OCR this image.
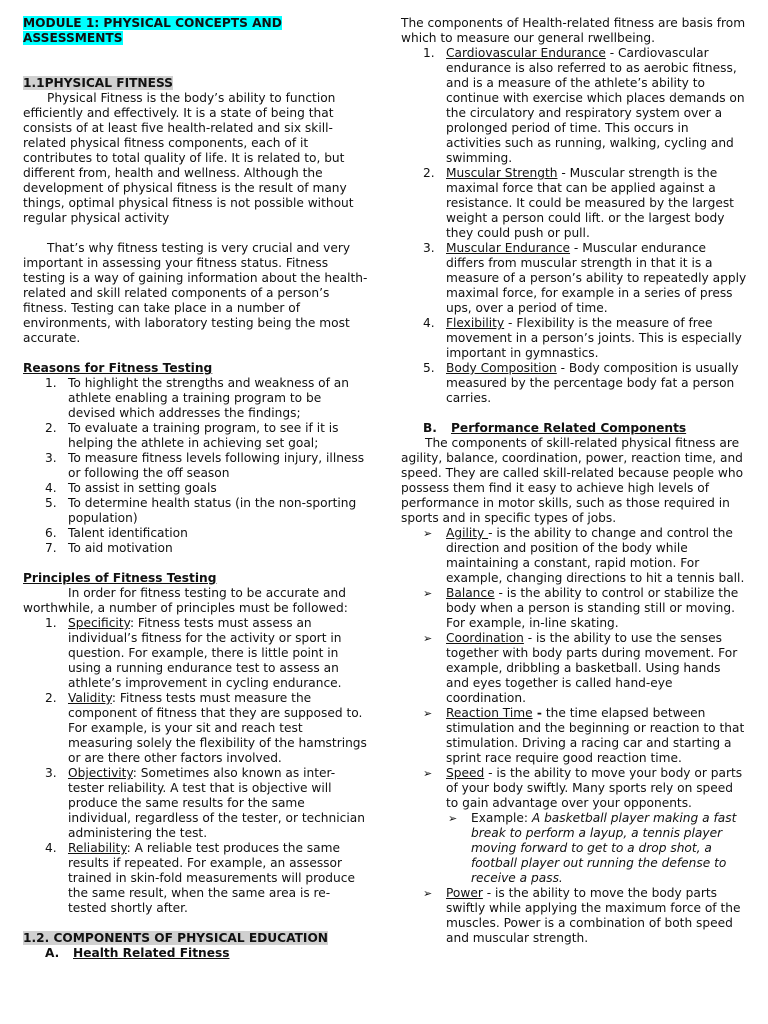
MODULE 1: PHYSICAL CONCEPTS AND
ASSESSMENTS

1.1PHYSICAL FITNESS

Physical Fitness is the body’s ability to function efficiently and effectively. It is a state of being that consists of at least five health-related and six skill-related physical fitness components, each of it contributes to total quality of life. It is related to, but different from, health and wellness. Although the development of physical fitness is the result of many things, optimal physical fitness is not possible without regular physical activity

That’s why fitness testing is very crucial and very important in assessing your fitness status. Fitness testing is a way of gaining information about the health-related and skill related components of a person’s fitness. Testing can take place in a number of environments, with laboratory testing being the most accurate.

Reasons for Fitness Testing

1. To highlight the strengths and weakness of an athlete enabling a training program to be devised which addresses the findings;
2. To evaluate a training program, to see if it is helping the athlete in achieving set goal;
3. To measure fitness levels following injury, illness or following the off season
4. To assist in setting goals
5. To determine health status (in the non-sporting population)
6. Talent identification
7. To aid motivation

Principles of Fitness Testing

In order for fitness testing to be accurate and worthwhile, a number of principles must be followed:

1. Specificity: Fitness tests must assess an individual’s fitness for the activity or sport in question. For example, there is little point in using a running endurance test to assess an athlete’s improvement in cycling endurance.
2. Validity: Fitness tests must measure the component of fitness that they are supposed to. For example, is your sit and reach test measuring solely the flexibility of the hamstrings or are there other factors involved.
3. Objectivity: Sometimes also known as inter-tester reliability. A test that is objective will produce the same results for the same individual, regardless of the tester, or technician administering the test.
4. Reliability: A reliable test produces the same results if repeated. For example, an assessor trained in skin-fold measurements will produce the same result, when the same area is re-tested shortly after.

1.2. COMPONENTS OF PHYSICAL EDUCATION

A. Health Related Fitness

The components of Health-related fitness are basis from which to measure our general rwellbeing.

1. Cardiovascular Endurance - Cardiovascular endurance is also referred to as aerobic fitness, and is a measure of the athlete’s ability to continue with exercise which places demands on the circulatory and respiratory system over a prolonged period of time. This occurs in activities such as running, walking, cycling and swimming.
2. Muscular Strength - Muscular strength is the maximal force that can be applied against a resistance. It could be measured by the largest weight a person could lift. or the largest body they could push or pull.
3. Muscular Endurance - Muscular endurance differs from muscular strength in that it is a measure of a person’s ability to repeatedly apply maximal force, for example in a series of press ups, over a period of time.
4. Flexibility - Flexibility is the measure of free movement in a person’s joints. This is especially important in gymnastics.
5. Body Composition - Body composition is usually measured by the percentage body fat a person carries.

B. Performance Related Components

The components of skill-related physical fitness are agility, balance, coordination, power, reaction time, and speed. They are called skill-related because people who possess them find it easy to achieve high levels of performance in motor skills, such as those required in sports and in specific types of jobs.

➢ Agility - is the ability to change and control the direction and position of the body while maintaining a constant, rapid motion. For example, changing directions to hit a tennis ball.
➢ Balance - is the ability to control or stabilize the body when a person is standing still or moving. For example, in-line skating.
➢ Coordination - is the ability to use the senses together with body parts during movement. For example, dribbling a basketball. Using hands and eyes together is called hand-eye coordination.
➢ Reaction Time - the time elapsed between stimulation and the beginning or reaction to that stimulation. Driving a racing car and starting a sprint race require good reaction time.
➢ Speed - is the ability to move your body or parts of your body swiftly. Many sports rely on speed to gain advantage over your opponents.
➢ Example: A basketball player making a fast break to perform a layup, a tennis player moving forward to get to a drop shot, a football player out running the defense to receive a pass.
➢ Power - is the ability to move the body parts swiftly while applying the maximum force of the muscles. Power is a combination of both speed and muscular strength.
